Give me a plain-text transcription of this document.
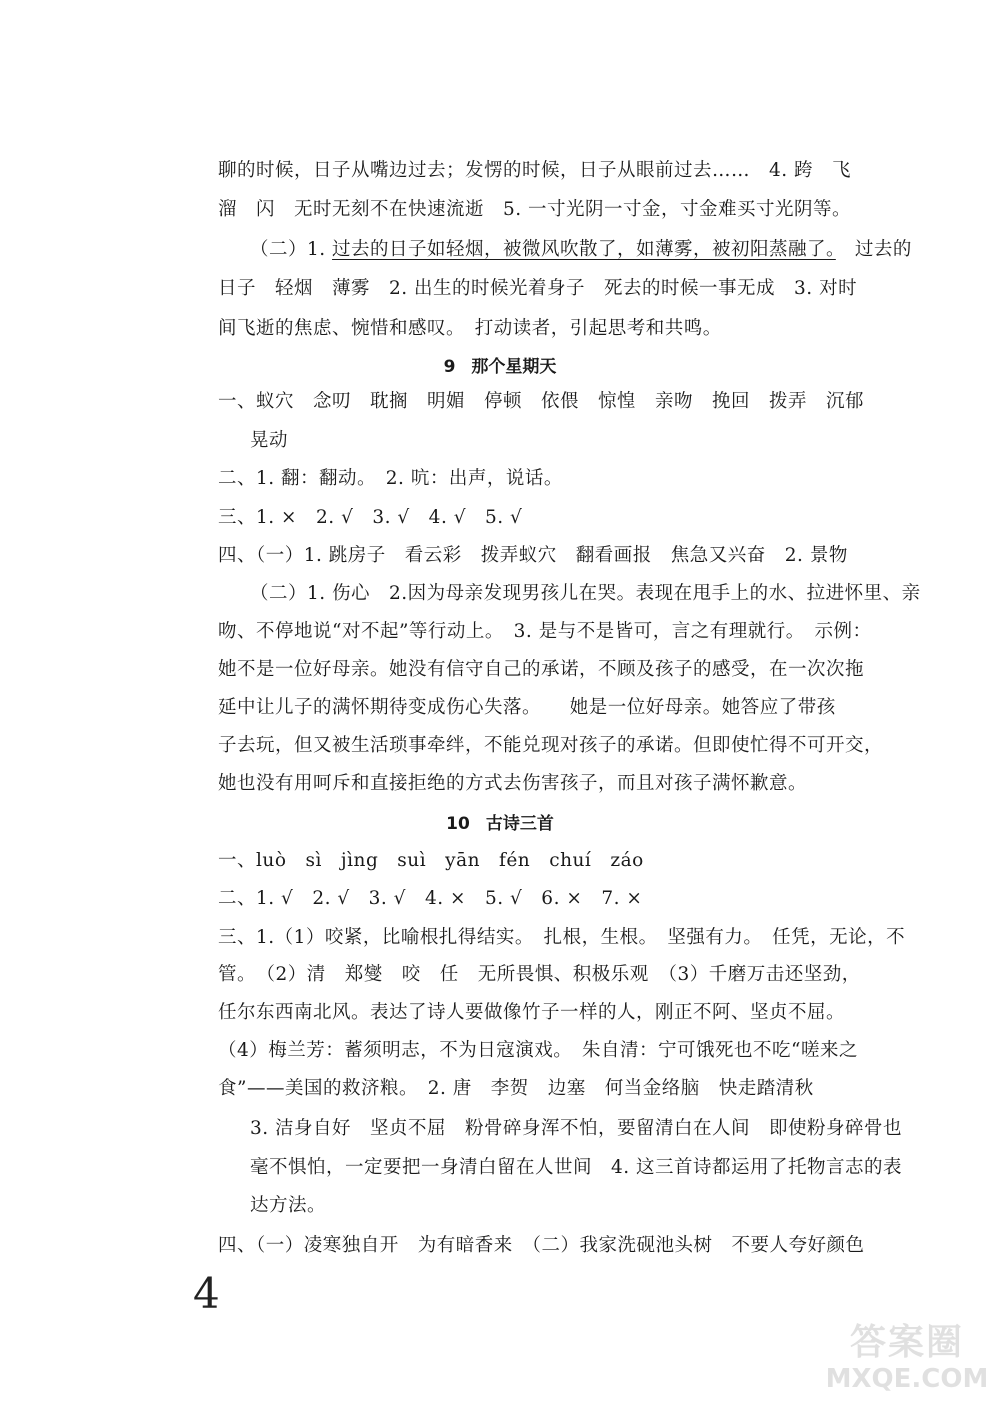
聊的时候，日子从嘴边过去；发愣的时候，日子从眼前过去……　4. 跨　飞
溜　闪　无时无刻不在快速流逝　5. 一寸光阴一寸金，寸金难买寸光阴等。
（二）1. 过去的日子如轻烟，被微风吹散了，如薄雾，被初阳蒸融了。　过去的
日子　轻烟　薄雾　2. 出生的时候光着身子　死去的时候一事无成　3. 对时
间飞逝的焦虑、惋惜和感叹。　打动读者，引起思考和共鸣。
9 那个星期天
一、蚁穴　念叨　耽搁　明媚　停顿　依偎　惊惶　亲吻　挽回　拨弄　沉郁
晃动
二、1. 翻：翻动。　2. 吭：出声，说话。
三、1. ×　2. √　3. √　4. √　5. √
四、（一）1. 跳房子　看云彩　拨弄蚁穴　翻看画报　焦急又兴奋　2. 景物
（二）1. 伤心　2.因为母亲发现男孩儿在哭。表现在甩手上的水、拉进怀里、亲
吻、不停地说“对不起”等行动上。　3. 是与不是皆可，言之有理就行。　示例：
她不是一位好母亲。她没有信守自己的承诺，不顾及孩子的感受，在一次次拖
延中让儿子的满怀期待变成伤心失落。　　她是一位好母亲。她答应了带孩
子去玩，但又被生活琐事牵绊，不能兑现对孩子的承诺。但即使忙得不可开交，
她也没有用呵斥和直接拒绝的方式去伤害孩子，而且对孩子满怀歉意。
10 古诗三首
一、luò　sì　jìng　suì　yān　fén　chuí　záo
二、1. √　2. √　3. √　4. ×　5. √　6. ×　7. ×
三、1.（1）咬紧，比喻根扎得结实。　扎根，生根。　坚强有力。　任凭，无论，不
管。　（2）清　郑燮　咬　任　无所畏惧、积极乐观　（3）千磨万击还坚劲，
任尔东西南北风。表达了诗人要做像竹子一样的人，刚正不阿、坚贞不屈。
（4）梅兰芳：蓄须明志，不为日寇演戏。　朱自清：宁可饿死也不吃“嗟来之
食”——美国的救济粮。　2. 唐　李贺　边塞　何当金络脑　快走踏清秋
3. 洁身自好　坚贞不屈　粉骨碎身浑不怕，要留清白在人间　即使粉身碎骨也
毫不惧怕，一定要把一身清白留在人世间　4. 这三首诗都运用了托物言志的表
达方法。
四、（一）凌寒独自开　为有暗香来　（二）我家洗砚池头树　不要人夸好颜色
4
答案圈
MXQE.COM
